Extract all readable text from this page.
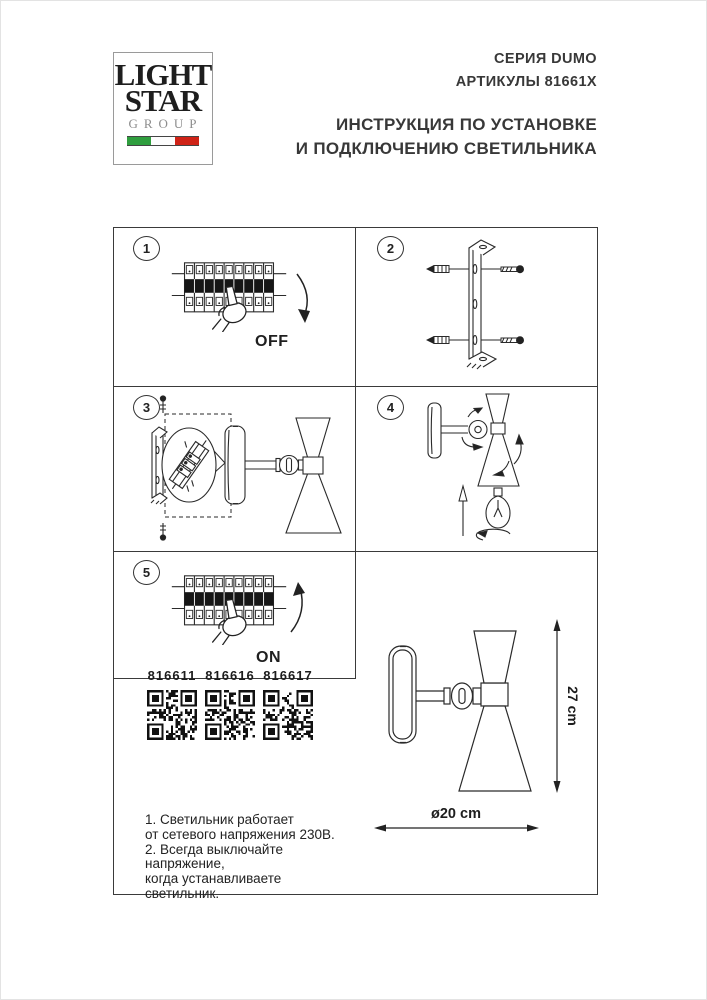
LIGHT
STAR
GROUP
СЕРИЯ DUMO
АРТИКУЛЫ 81661X
ИНСТРУКЦИЯ ПО УСТАНОВКЕ
И ПОДКЛЮЧЕНИЮ СВЕТИЛЬНИКА
1	2
3	4
5
OFF
ON
816611 816616 816617
1. Светильник работает
от сетевого напряжения 230В.
2. Всегда выключайте напряжение,
когда устанавливаете светильник.
27 cm
ø20 cm
